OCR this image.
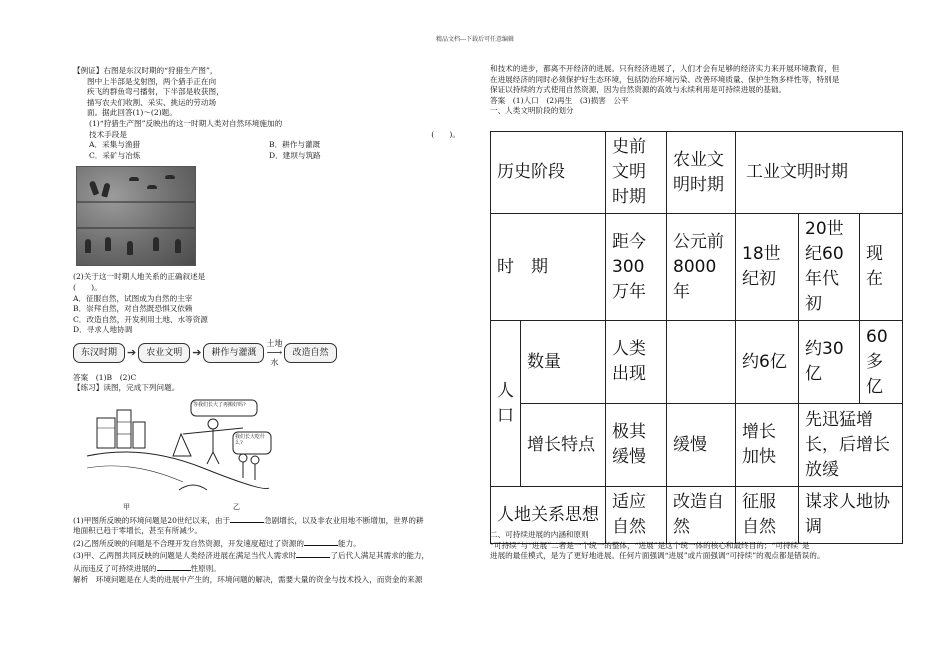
精品文档---下载后可任意编辑

【例证】右图是东汉时期的“狩猎生产图”，

图中上半部是戈射图，两个猎手正在向

疾飞的群鱼弯弓播射，下半部是收获图，

描写农夫们收割、采实、挑运的劳动场

面。据此回答(1)～(2)题。

(1)“狩猎生产图”反映出的这一时期人类对自然环境施加的

技术手段是	(　　)。

A．采集与渔猎	B．耕作与灌溉
C．采矿与冶炼	D．建坝与筑路

(2)关于这一时期人地关系的正确叙述是

(　　)。

A．征服自然，试图成为自然的主宰

B．崇拜自然，对自然既恐惧又依赖

C．改造自然，开发利用土地、水等资源

D．寻求人地协调

东汉时期 ➔	农业文明 ➔	耕作与灌溉
土地
⟶
水
改造自然

答案　(1)B　(2)C

【练习】读图，完成下列问题。

等我们长大了再搬好吗?
我们长大吃什么?
甲	乙

(1)甲图所反映的环境问题是20世纪以来，由于	急剧增长，以及非农业用地不断增加，世界的耕

地面积已趋于零增长，甚至有所减少。

(2)乙图所反映的问题是不合理开发自然资源，开发速度超过了资源的	能力。

(3)甲、乙两图共同反映的问题是人类经济进展在满足当代人需求时	了后代人满足其需求的能力，

从而违反了可持续进展的	性原则。

解析　环境问题是在人类的进展中产生的，环境问题的解决，需要大量的资金与技术投入，而资金的来源

和技术的进步，都离不开经济的进展。只有经济进展了，人们才会有足够的经济实力来开展环境教育，但

在进展经济的同时必须保护好生态环境，包括防治环境污染、改善环境质量、保护生物多样性等，特别是

保证以持续的方式使用自然资源，因为自然资源的高效与永续利用是可持续进展的基础。

答案　(1)人口　(2)再生　(3)损害　公平

一、人类文明阶段的划分

历史阶段		史前文明时期	农业文明时期	工业文明时期		
时　期		距今300万年	公元前8000年	18世纪初	20世纪60年代初	现在
人口	数量	人类出现		约6亿	约30亿	60多亿
	增长特点	极其缓慢	缓慢	增长加快	先迅猛增长，后增长放缓	
人地关系思想		适应自然	改造自然	征服自然	谋求人地协调	

二、可持续进展的内涵和原则

“可持续”与“进展”二者是一个统一的整体，“进展”是这个统一体的核心和最终目的；“可持续”是

进展的最佳模式，是为了更好地进展。任何片面强调“进展”或片面强调“可持续”的观点都是错误的。
